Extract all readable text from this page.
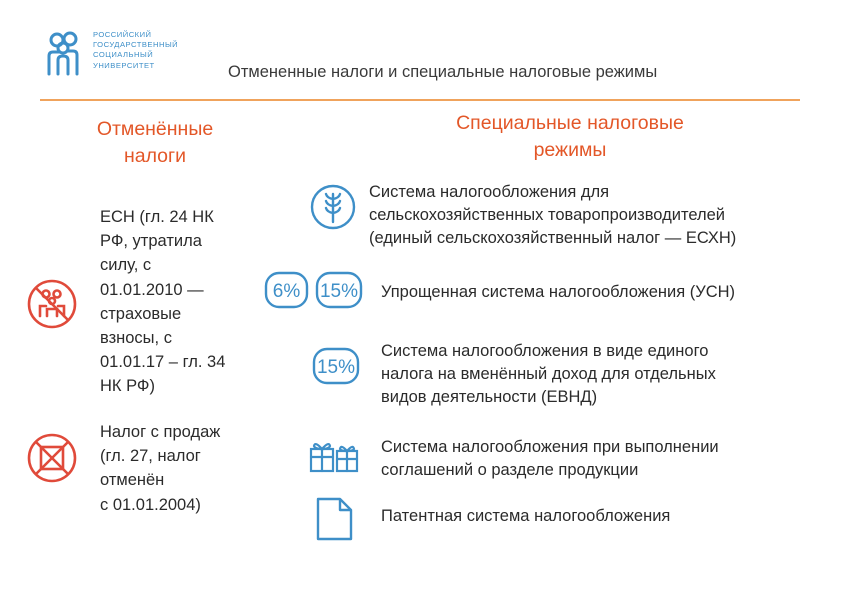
РОССИЙСКИЙ
ГОСУДАРСТВЕННЫЙ
СОЦИАЛЬНЫЙ
УНИВЕРСИТЕТ	Отмененные налоги и специальные налоговые режимы
Отменённые
налоги
Специальные налоговые
режимы
ЕСН (гл. 24 НК
РФ, утратила
силу, с
01.01.2010 —
страховые
взносы, с
01.01.17 – гл. 34
НК РФ)
Налог с продаж
(гл. 27, налог
отменён
с 01.01.2004)
Система налогообложения для
сельскохозяйственных товаропроизводителей
(единый сельскохозяйственный налог — ЕСХН)
6% 15% Упрощенная система налогообложения (УСН)
15%
Система налогообложения в виде единого
налога на вменённый доход для отдельных
видов деятельности (ЕВНД)
Система налогообложения при выполнении
соглашений о разделе продукции
Патентная система налогообложения
